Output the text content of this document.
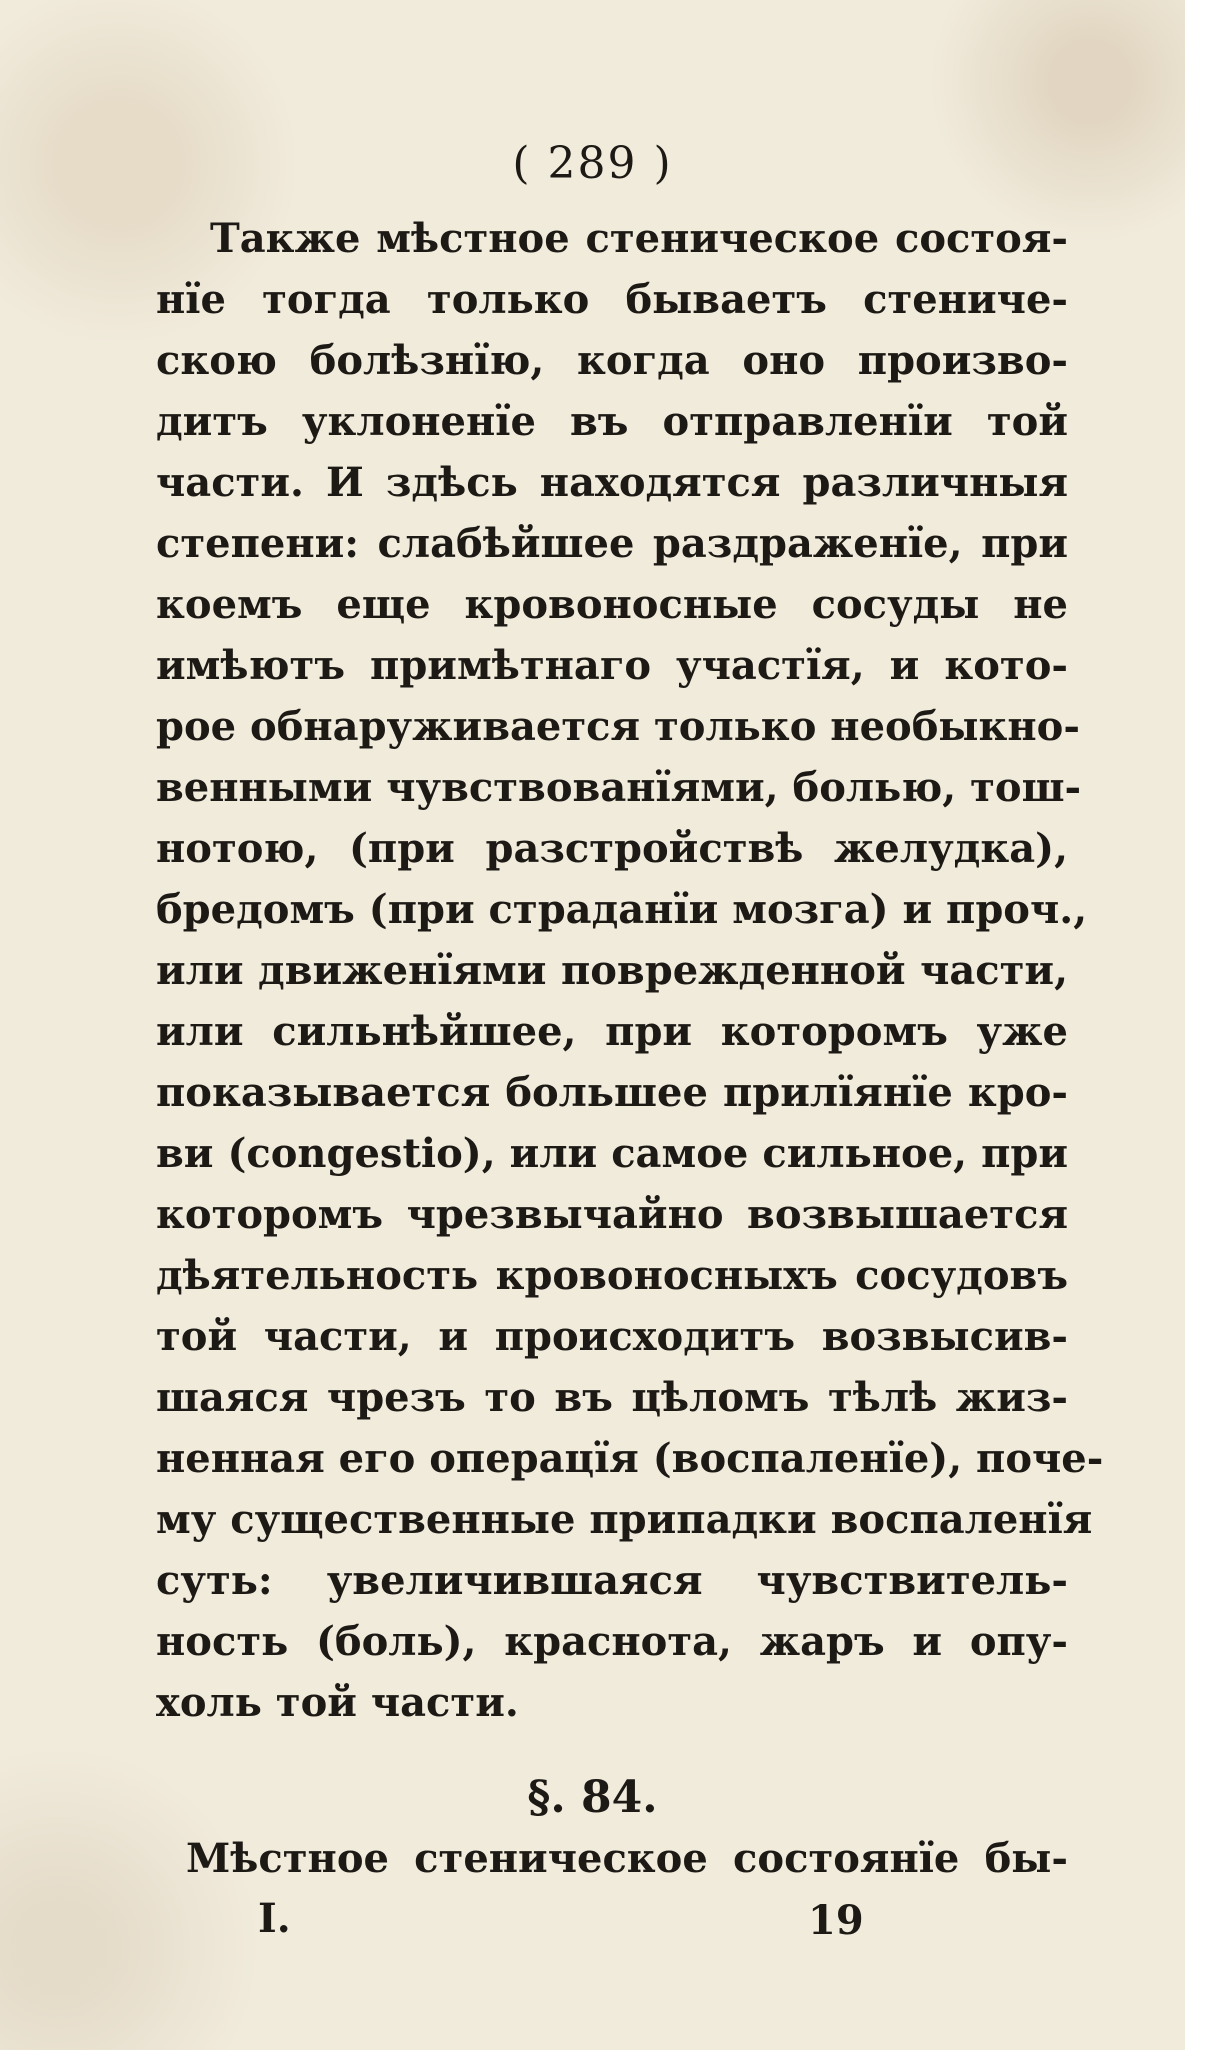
( 289 )
Также мѣстное стеническое состоя-
нїе тогда только бываетъ стениче-
скою болѣзнїю, когда оно произво-
дитъ уклоненїе въ отправленїи той
части. И здѣсь находятся различныя
степени: слабѣйшее раздраженїе, при
коемъ еще кровоносные сосуды не
имѣютъ примѣтнаго участїя, и кото-
рое обнаруживается только необыкно-
венными чувствованїями, болью, тош-
нотою, (при разстройствѣ желудка),
бредомъ (при страданїи мозга) и проч.,
или движенїями поврежденной части,
или сильнѣйшее, при которомъ уже
показывается большее прилїянїе кро-
ви (congestio), или самое сильное, при
которомъ чрезвычайно возвышается
дѣятельность кровоносныхъ сосудовъ
той части, и происходитъ возвысив-
шаяся чрезъ то въ цѣломъ тѣлѣ жиз-
ненная его операцїя (воспаленїе), поче-
му существенные припадки воспаленїя
суть: увеличившаяся чувствитель-
ность (боль), краснота, жаръ и опу-
холь той части.
§. 84.
Мѣстное стеническое состоянїе бы-
I.	19
